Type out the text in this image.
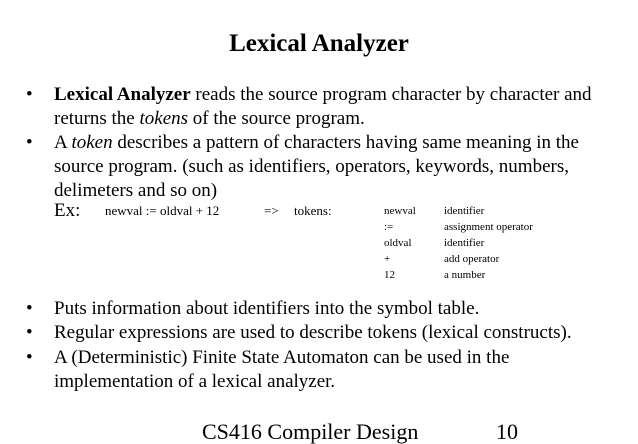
Lexical Analyzer
• Lexical Analyzer reads the source program character by character and
returns the tokens of the source program.
• A token describes a pattern of characters having same meaning in the
source program. (such as identifiers, operators, keywords, numbers,
delimeters and so on)
Ex: newval := oldval + 12	=> tokens:	newval	identifier
:=	assignment operator
oldval	identifier
+	add operator
12	a number
• Puts information about identifiers into the symbol table.
• Regular expressions are used to describe tokens (lexical constructs).
• A (Deterministic) Finite State Automaton can be used in the
implementation of a lexical analyzer.
CS416 Compiler Design	10
